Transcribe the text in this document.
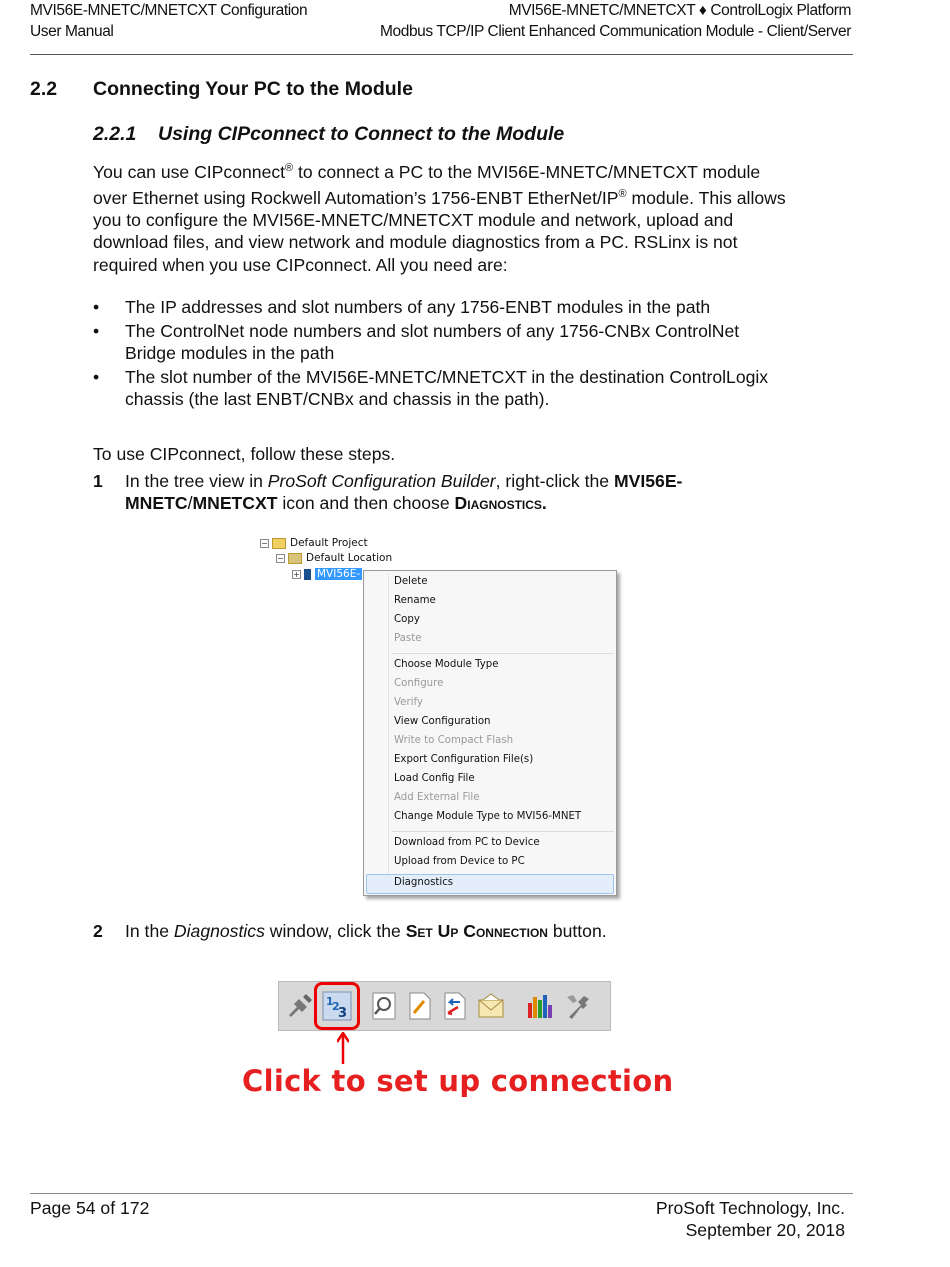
MVI56E-MNETC/MNETCXT Configuration
User Manual
MVI56E-MNETC/MNETCXT ♦ ControlLogix Platform
Modbus TCP/IP Client Enhanced Communication Module - Client/Server
2.2 Connecting Your PC to the Module
2.2.1 Using CIPconnect to Connect to the Module
You can use CIPconnect® to connect a PC to the MVI56E-MNETC/MNETCXT module over Ethernet using Rockwell Automation’s 1756-ENBT EtherNet/IP® module. This allows you to configure the MVI56E-MNETC/MNETCXT module and network, upload and download files, and view network and module diagnostics from a PC. RSLinx is not required when you use CIPconnect. All you need are:
• The IP addresses and slot numbers of any 1756-ENBT modules in the path
• The ControlNet node numbers and slot numbers of any 1756-CNBx ControlNet Bridge modules in the path
• The slot number of the MVI56E-MNETC/MNETCXT in the destination ControlLogix chassis (the last ENBT/CNBx and chassis in the path).
To use CIPconnect, follow these steps.
1 In the tree view in ProSoft Configuration Builder, right-click the MVI56E-MNETC/MNETCXT icon and then choose Diagnostics.
− Default Project
− Default Location
+ MVI56E-
Delete
Rename
Copy
Paste
Choose Module Type
Configure
Verify
View Configuration
Write to Compact Flash
Export Configuration File(s)
Load Config File
Add External File
Change Module Type to MVI56-MNET
Download from PC to Device
Upload from Device to PC
Diagnostics
2 In the Diagnostics window, click the Set Up Connection button.
1
2
3
Click to set up connection
Page 54 of 172	ProSoft Technology, Inc.
September 20, 2018
